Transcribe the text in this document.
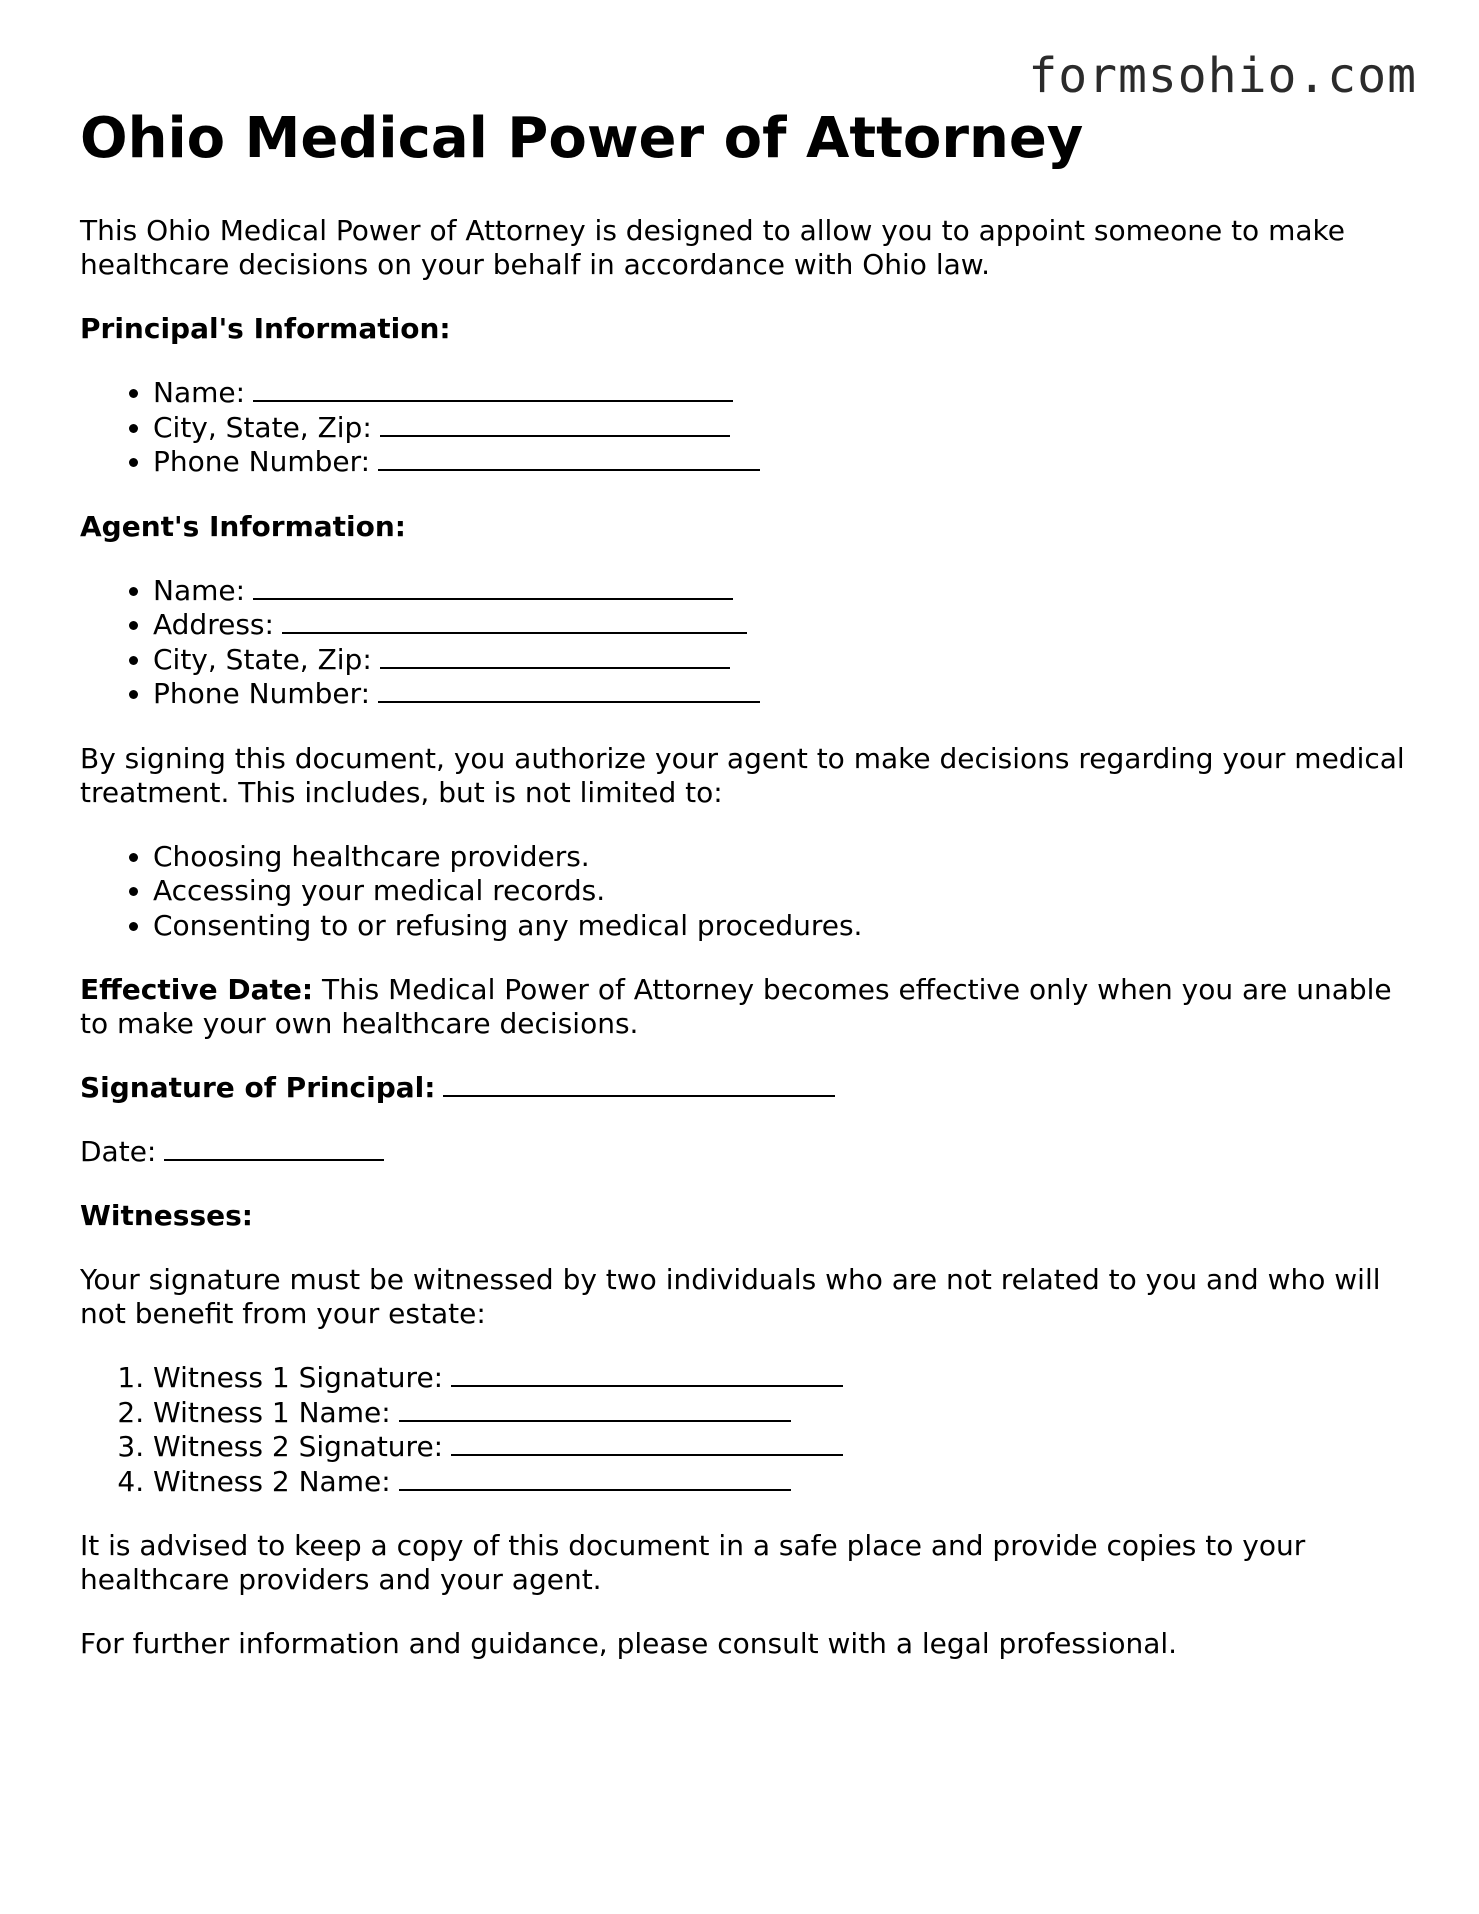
formsohio.com
Ohio Medical Power of Attorney

This Ohio Medical Power of Attorney is designed to allow you to appoint someone to make healthcare decisions on your behalf in accordance with Ohio law.

Principal's Information:

• Name:
• City, State, Zip:
• Phone Number:

Agent's Information:

• Name:
• Address:
• City, State, Zip:
• Phone Number:

By signing this document, you authorize your agent to make decisions regarding your medical treatment. This includes, but is not limited to:

• Choosing healthcare providers.
• Accessing your medical records.
• Consenting to or refusing any medical procedures.

Effective Date: This Medical Power of Attorney becomes effective only when you are unable to make your own healthcare decisions.

Signature of Principal:

Date:

Witnesses:

Your signature must be witnessed by two individuals who are not related to you and who will not benefit from your estate:

1. Witness 1 Signature:
2. Witness 1 Name:
3. Witness 2 Signature:
4. Witness 2 Name:

It is advised to keep a copy of this document in a safe place and provide copies to your healthcare providers and your agent.

For further information and guidance, please consult with a legal professional.
